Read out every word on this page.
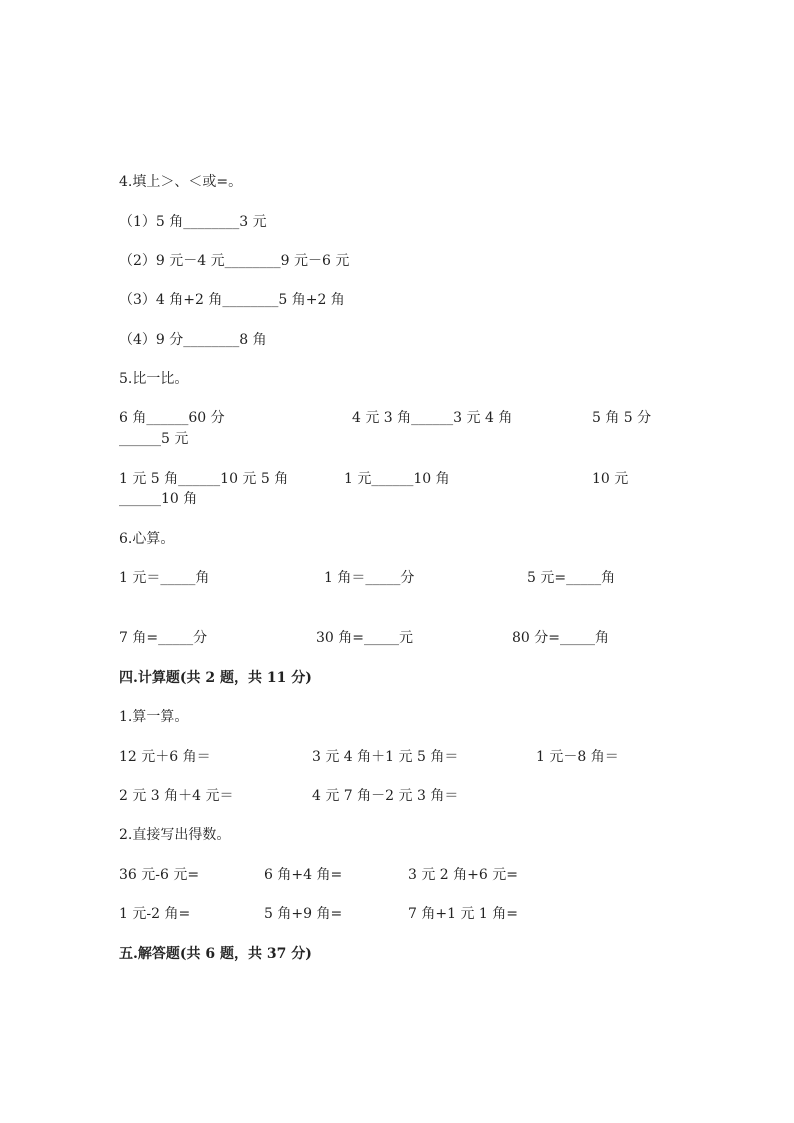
4.填上＞、＜或=。
（1）5 角________3 元
（2）9 元－4 元________9 元－6 元
（3）4 角+2 角________5 角+2 角
（4）9 分________8 角
5.比一比。
6 角______60 分	4 元 3 角______3 元 4 角	5 角 5 分
______5 元
1 元 5 角______10 元 5 角	1 元______10 角	10 元
______10 角
6.心算。
1 元＝_____角	1 角＝_____分	5 元=_____角
7 角=_____分	30 角=_____元	80 分=_____角
四.计算题(共 2 题，共 11 分)
1.算一算。
12 元＋6 角＝	3 元 4 角＋1 元 5 角＝	1 元－8 角＝
2 元 3 角＋4 元＝	4 元 7 角－2 元 3 角＝
2.直接写出得数。
36 元-6 元=	6 角+4 角=	3 元 2 角+6 元=
1 元-2 角=	5 角+9 角=	7 角+1 元 1 角=
五.解答题(共 6 题，共 37 分)
